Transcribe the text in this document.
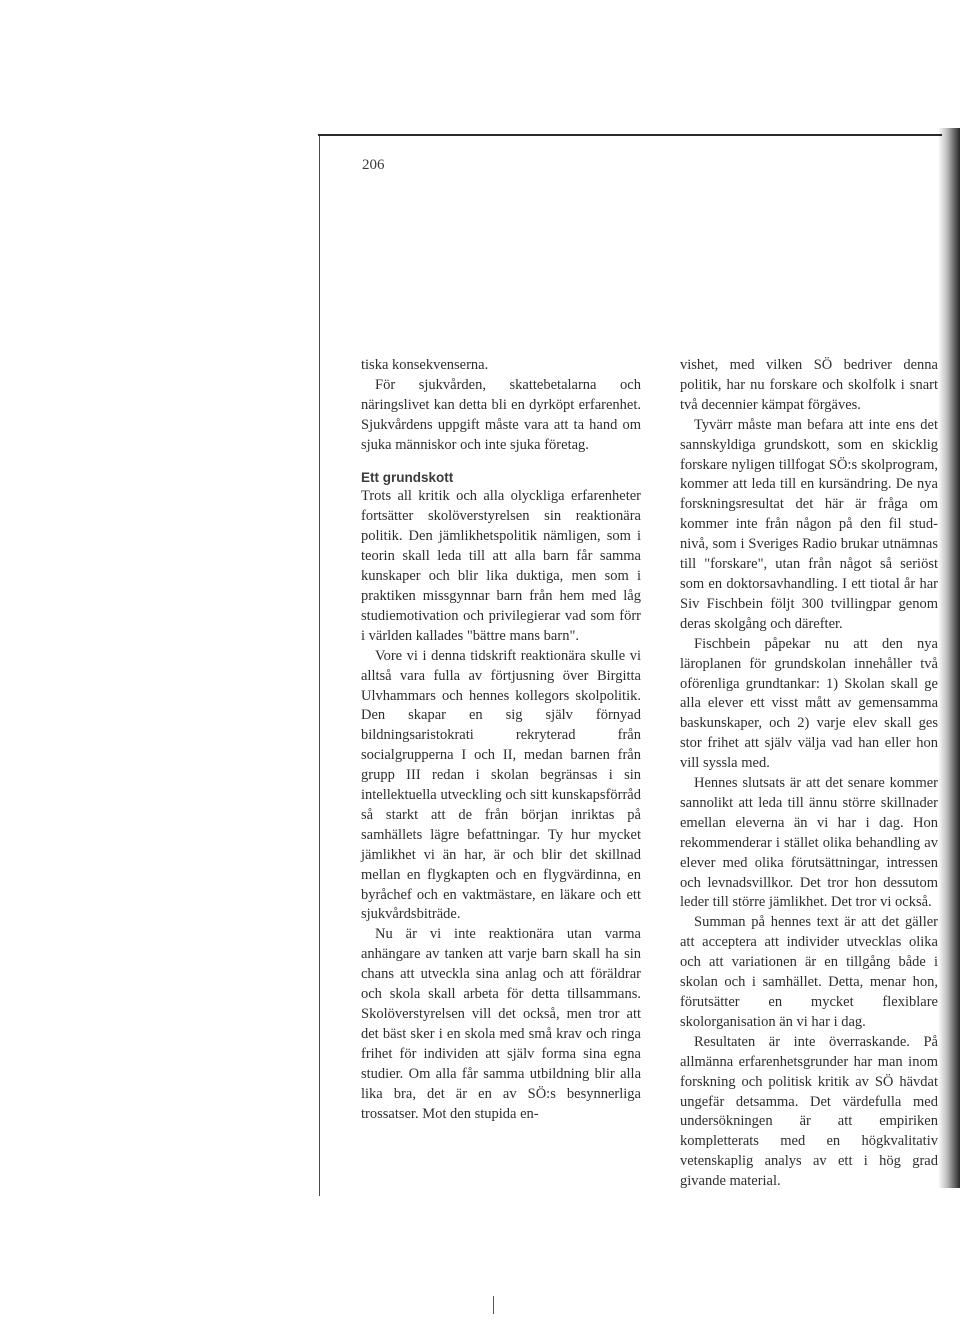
206

tiska konsekvenserna.

För sjukvården, skattebetalarna och näringslivet kan detta bli en dyrköpt erfarenhet. Sjukvårdens uppgift måste vara att ta hand om sjuka människor och inte sjuka företag.

Ett grundskott

Trots all kritik och alla olyckliga erfarenheter fortsätter skolöverstyrelsen sin reaktionära politik. Den jämlikhetspolitik nämligen, som i teorin skall leda till att alla barn får samma kunskaper och blir lika duktiga, men som i praktiken missgynnar barn från hem med låg studiemotivation och privilegierar vad som förr i världen kallades "bättre mans barn".

Vore vi i denna tidskrift reaktionära skulle vi alltså vara fulla av förtjusning över Birgitta Ulvhammars och hennes kollegors skolpolitik. Den skapar en sig själv förnyad bildningsaristokrati rekryterad från socialgrupperna I och II, medan barnen från grupp III redan i skolan begränsas i sin intellektuella utveckling och sitt kunskapsförråd så starkt att de från början inriktas på samhällets lägre befattningar. Ty hur mycket jämlikhet vi än har, är och blir det skillnad mellan en flygkapten och en flygvärdinna, en byråchef och en vaktmästare, en läkare och ett sjukvårdsbiträde.

Nu är vi inte reaktionära utan varma anhängare av tanken att varje barn skall ha sin chans att utveckla sina anlag och att föräldrar och skola skall arbeta för detta tillsammans. Skolöverstyrelsen vill det också, men tror att det bäst sker i en skola med små krav och ringa frihet för individen att själv forma sina egna studier. Om alla får samma utbildning blir alla lika bra, det är en av SÖ:s besynnerliga trossatser. Mot den stupida en-

vishet, med vilken SÖ bedriver denna politik, har nu forskare och skolfolk i snart två decennier kämpat förgäves.

Tyvärr måste man befara att inte ens det sannskyldiga grundskott, som en skicklig forskare nyligen tillfogat SÖ:s skolprogram, kommer att leda till en kursändring. De nya forskningsresultat det här är fråga om kommer inte från någon på den fil stud-nivå, som i Sveriges Radio brukar utnämnas till "forskare", utan från något så seriöst som en doktorsavhandling. I ett tiotal år har Siv Fischbein följt 300 tvillingpar genom deras skolgång och därefter.

Fischbein påpekar nu att den nya läroplanen för grundskolan innehåller två oförenliga grundtankar: 1) Skolan skall ge alla elever ett visst mått av gemensamma baskunskaper, och 2) varje elev skall ges stor frihet att själv välja vad han eller hon vill syssla med.

Hennes slutsats är att det senare kommer sannolikt att leda till ännu större skillnader emellan eleverna än vi har i dag. Hon rekommenderar i stället olika behandling av elever med olika förutsättningar, intressen och levnadsvillkor. Det tror hon dessutom leder till större jämlikhet. Det tror vi också.

Summan på hennes text är att det gäller att acceptera att individer utvecklas olika och att variationen är en tillgång både i skolan och i samhället. Detta, menar hon, förutsätter en mycket flexiblare skolorganisation än vi har i dag.

Resultaten är inte överraskande. På allmänna erfarenhetsgrunder har man inom forskning och politisk kritik av SÖ hävdat ungefär detsamma. Det värdefulla med undersökningen är att empiriken kompletterats med en högkvalitativ vetenskaplig analys av ett i hög grad givande material.
